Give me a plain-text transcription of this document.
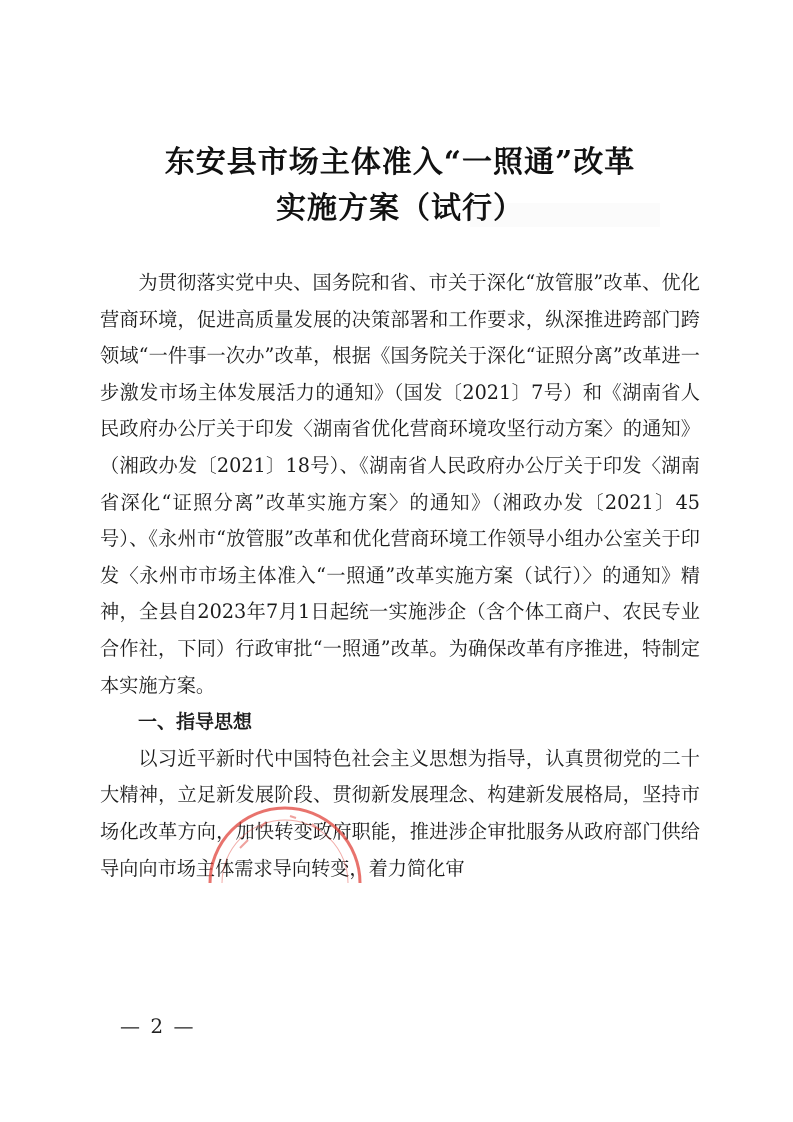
东安县市场主体准入“一照通”改革
实施方案（试行）

为贯彻落实党中央、国务院和省、市关于深化“放管服”改革、优化营商环境，促进高质量发展的决策部署和工作要求，纵深推进跨部门跨领域“一件事一次办”改革，根据《国务院关于深化“证照分离”改革进一步激发市场主体发展活力的通知》（国发〔2021〕7号）和《湖南省人民政府办公厅关于印发〈湖南省优化营商环境攻坚行动方案〉的通知》（湘政办发〔2021〕18号）、《湖南省人民政府办公厅关于印发〈湖南省深化“证照分离”改革实施方案〉的通知》（湘政办发〔2021〕45号）、《永州市“放管服”改革和优化营商环境工作领导小组办公室关于印发〈永州市市场主体准入“一照通”改革实施方案（试行）〉的通知》精神，全县自2023年7月1日起统一实施涉企（含个体工商户、农民专业合作社，下同）行政审批“一照通”改革。为确保改革有序推进，特制定本实施方案。

一、指导思想

以习近平新时代中国特色社会主义思想为指导，认真贯彻党的二十大精神，立足新发展阶段、贯彻新发展理念、构建新发展格局，坚持市场化改革方向，加快转变政府职能，推进涉企审批服务从政府部门供给导向向市场主体需求导向转变，着力简化审

— 2 —
